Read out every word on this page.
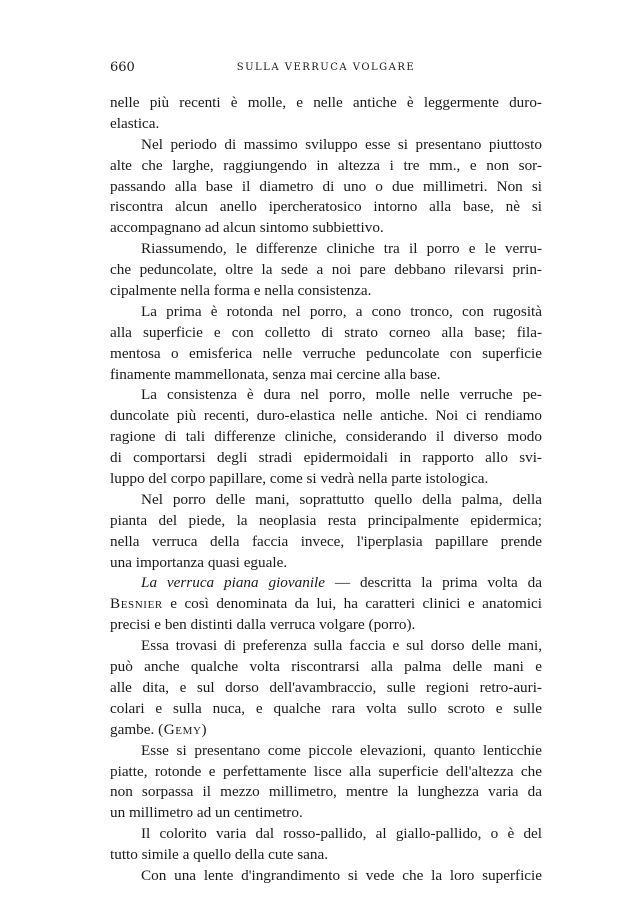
660	SULLA VERRUCA VOLGARE
nelle più recenti è molle, e nelle antiche è leggermente duro-
elastica.
Nel periodo di massimo sviluppo esse si presentano piuttosto
alte che larghe, raggiungendo in altezza i tre mm., e non sor-
passando alla base il diametro di uno o due millimetri. Non si
riscontra alcun anello ipercheratosico intorno alla base, nè si
accompagnano ad alcun sintomo subbiettivo.
Riassumendo, le differenze cliniche tra il porro e le verru-
che peduncolate, oltre la sede a noi pare debbano rilevarsi prin-
cipalmente nella forma e nella consistenza.
La prima è rotonda nel porro, a cono tronco, con rugosità
alla superficie e con colletto di strato corneo alla base; fila-
mentosa o emisferica nelle verruche peduncolate con superficie
finamente mammellonata, senza mai cercine alla base.
La consistenza è dura nel porro, molle nelle verruche pe-
duncolate più recenti, duro-elastica nelle antiche. Noi ci rendiamo
ragione di tali differenze cliniche, considerando il diverso modo
di comportarsi degli stradi epidermoidali in rapporto allo svi-
luppo del corpo papillare, come si vedrà nella parte istologica.
Nel porro delle mani, soprattutto quello della palma, della
pianta del piede, la neoplasia resta principalmente epidermica;
nella verruca della faccia invece, l'iperplasia papillare prende
una importanza quasi eguale.
La verruca piana giovanile — descritta la prima volta da
Besnier e così denominata da lui, ha caratteri clinici e anatomici
precisi e ben distinti dalla verruca volgare (porro).
Essa trovasi di preferenza sulla faccia e sul dorso delle mani,
può anche qualche volta riscontrarsi alla palma delle mani e
alle dita, e sul dorso dell'avambraccio, sulle regioni retro-auri-
colari e sulla nuca, e qualche rara volta sullo scroto e sulle
gambe. (Gemy)
Esse si presentano come piccole elevazioni, quanto lenticchie
piatte, rotonde e perfettamente lisce alla superficie dell'altezza che
non sorpassa il mezzo millimetro, mentre la lunghezza varia da
un millimetro ad un centimetro.
Il colorito varia dal rosso-pallido, al giallo-pallido, o è del
tutto simile a quello della cute sana.
Con una lente d'ingrandimento si vede che la loro superficie
